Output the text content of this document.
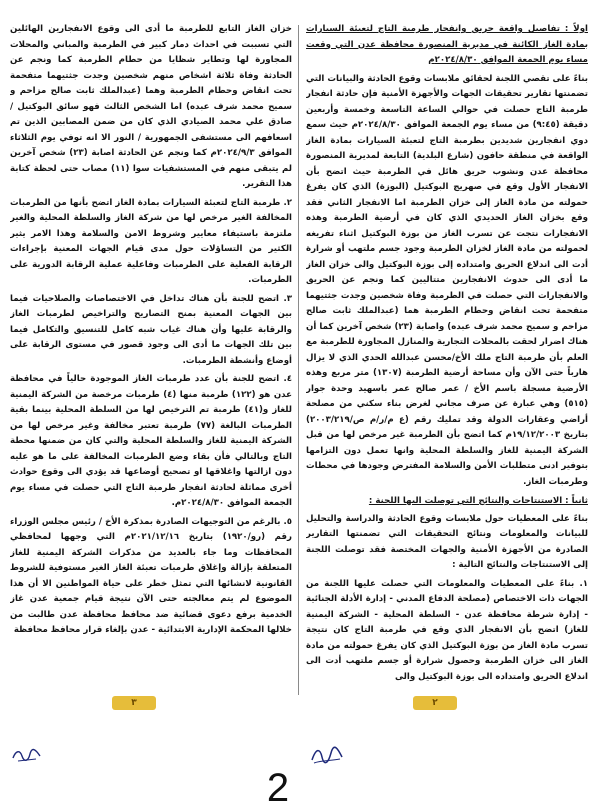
اولاً : تفاصيل واقعة حريق وانفجار طرمبة التاج لتعبئة السيارات بمادة الغاز الكائنة في مديرية المنصورة محافظة عدن التي وقعت مساء يوم الجمعة الموافق ٢٠٢٤/٨/٣٠م

بناءً على تقصي اللجنة لحقائق ملابسات وقوع الحادثة والبيانات التي تضمنتها تقارير تحقيقات الجهات والأجهزة الأمنية فإن حادثة انفجار طرمبة التاج حصلت في حوالي الساعة التاسعة وخمسة وأربعين دقيقة (٩:٤٥) من مساء يوم الجمعة الموافق ٢٠٢٤/٨/٣٠م حيث سمع دوي انفجارين شديدين بطرمبة التاج لتعبئة السيارات بمادة الغاز الواقعة في منطقة حافون (شارع البلدية) التابعة لمديرية المنصورة محافظة عدن ونشوب حريق هائل في الطرمبة حيث اتضح بأن الانفجار الأول وقع في صهريج البوكتيل (البوزة) الذي كان يفرغ حمولته من مادة الغاز إلى خزان الطرمبة اما الانفجار الثاني فقد وقع بخزان الغاز الحديدي الذي كان في أرضية الطرمبة وهذه الانفجارات نتجت عن تسرب الغاز من بوزة البوكتيل اثناء تفريغه لحمولته من مادة الغاز لخزان الطرمبة وجود جسم ملتهب أو شرارة أدت الى اندلاع الحريق وامتداده إلى بوزة البوكتيل والى خزان الغاز ما أدى الى حدوث الانفجارين متتاليين كما ونجم عن الحريق والانفجارات التي حصلت في الطرمبة وفاة شخصين وجدت جثتيهما متفحمة تحت انقاض وحطام الطرمبة هما (عبدالملك ثابت صالح مزاحم و سميح محمد شرف عبده) واصابة (٢٣) شخص آخرين كما أن هناك اضرار لحقت بالمحلات التجارية والمنازل المجاورة للطرمبة مع العلم بأن طرمبة التاج ملك الأخ/محسن عبدالله الحدي الذي لا يزال هارباً حتى الآن وأن مساحة أرضية الطرمبة (١٣٠٧) متر مربع وهذه الأرضية مسجلة باسم الأخ / عمر صالح عمر باسهيد وحدة جوار (٥١٥) وهي عبارة عن صرف مجاني لغرض بناء سكني من مصلحة أراضي وعقارات الدولة وقد تمليك رقم (ع م/ر/م ص/٢٠٠٣/٢١٩) بتاريخ ١٩/١٢/٢٠٠٣م كما اتضح بأن الطرمبة غير مرخص لها من قبل الشركة اليمنية للغاز والسلطة المحلية وانها تعمل دون التزامها بتوفير ادنى متطلبات الأمن والسلامة المفترض وجودها في محطات وطرمبات الغاز.

ثانياً : الاستنتاجات والنتائج التي توصلت اليها اللجنة :

بناءً على المعطيات حول ملابسات وقوع الحادثة والدراسة والتحليل للبيانات والمعلومات ونتائج التحقيقات التي تضمنتها التقارير الصادرة من الأجهزة الأمنية والجهات المختصة فقد توصلت اللجنة إلى الاستنتاجات والنتائج التالية :

١. بناءً على المعطيات والمعلومات التي حصلت عليها اللجنة من الجهات ذات الاختصاص (مصلحة الدفاع المدني - إدارة الأدلة الجنائية - إدارة شرطة محافظة عدن - السلطة المحلية - الشركة اليمنية للغاز) اتضح بأن الانفجار الذي وقع في طرمبة التاج كان نتيجة تسرب مادة الغاز من بوزة البوكتيل الذي كان يفرغ حمولته من مادة الغاز الى خزان الطرمبة وحصول شرارة أو جسم ملتهب أدت الى اندلاع الحريق وامتداده الى بوزة البوكتيل والى

خزان الغاز التابع للطرمبة ما أدى الى وقوع الانفجارين الهائلين التي تسببت في احداث دمار كبير في الطرمبة والمباني والمحلات المجاورة لها وتطاير شظايا من حطام الطرمبة كما ونجم عن الحادثة وفاة ثلاثة اشخاص منهم شخصين وجدت جثتيهما متفحمة تحت انقاض وحطام الطرمبة وهما (عبدالملك ثابت صالح مزاحم و سميح محمد شرف عبده) اما الشخص الثالث فهو سائق البوكتيل / صادق علي محمد الصيادي الذي كان من ضمن المصابين الذين تم اسعافهم الى مستشفى الجمهورية / النور الا انه توفي يوم الثلاثاء الموافق ٢٠٢٤/٩/٣م كما ونجم عن الحادثة اصابة (٢٣) شخص آخرين لم يتبقى منهم في المستشفيات سوا (١١) مصاب حتى لحظة كتابة هذا التقرير.

٢. طرمبة التاج لتعبئة السيارات بمادة الغاز اتضح بأنها من الطرمبات المخالفة الغير مرخص لها من شركة الغاز والسلطة المحلية والغير ملتزمة باستيفاء معايير وشروط الامن والسلامة وهذا الامر يثير الكثير من التساؤلات حول مدى قيام الجهات المعنية بإجراءات الرقابة الفعلية على الطرمبات وفاعلية عملية الرقابة الدورية على الطرمبات.

٣. اتضح للجنة بأن هناك تداخل في الاختصاصات والصلاحيات فيما بين الجهات المعنية بمنح التصاريح والتراخيص لطرمبات الغاز والرقابة عليها وأن هناك غياب شبه كامل للتنسيق والتكامل فيما بين تلك الجهات ما أدى الى وجود قصور في مستوى الرقابة على أوضاع وأنشطة الطرمبات.

٤. اتضح للجنة بأن عدد طرمبات الغاز الموجودة حالياً في محافظة عدن هو (١٢٢) طرمبة منها (٤) طرمبات مرخصة من الشركة اليمنية للغاز و(٤١) طرمبة تم الترخيص لها من السلطة المحلية بينما بقية الطرمبات البالغة (٧٧) طرمبة تعتبر مخالفة وغير مرخص لها من الشركة اليمنية للغاز والسلطة المحلية والتي كان من ضمنها محطة التاج وبالتالي فأن بقاء وضع الطرمبات المخالفة على ما هو عليه دون ازالتها واغلاقها او تصحيح أوضاعها قد يؤدي الى وقوع حوادث أخرى مماثلة لحادثة انفجار طرمبة التاج التي حصلت في مساء يوم الجمعة الموافق ٢٠٢٤/٨/٣٠م.

٥. بالرغم من التوجيهات الصادرة بمذكرة الأخ / رئيس مجلس الوزراء رقم (رو/١٩٢٠) بتاريخ ٢٠٢١/١٢/١٦م التي وجهها لمحافظي المحافظات وما جاء بالعديد من مذكرات الشركة اليمنية للغاز المتعلقة بإزالة وإغلاق طرمبات تعبئة الغاز الغير مستوفية للشروط القانونية لانشائها التي تمثل خطر على حياة المواطنين الا أن هذا الموضوع لم يتم معالجته حتى الآن نتيجة قيام جمعية عدن غاز الخدمية برفع دعوى قضائية ضد محافظ محافظة عدن طالبت من خلالها المحكمة الإدارية الابتدائية - عدن بإلغاء قرار محافظ محافظة

٣	٢
2
